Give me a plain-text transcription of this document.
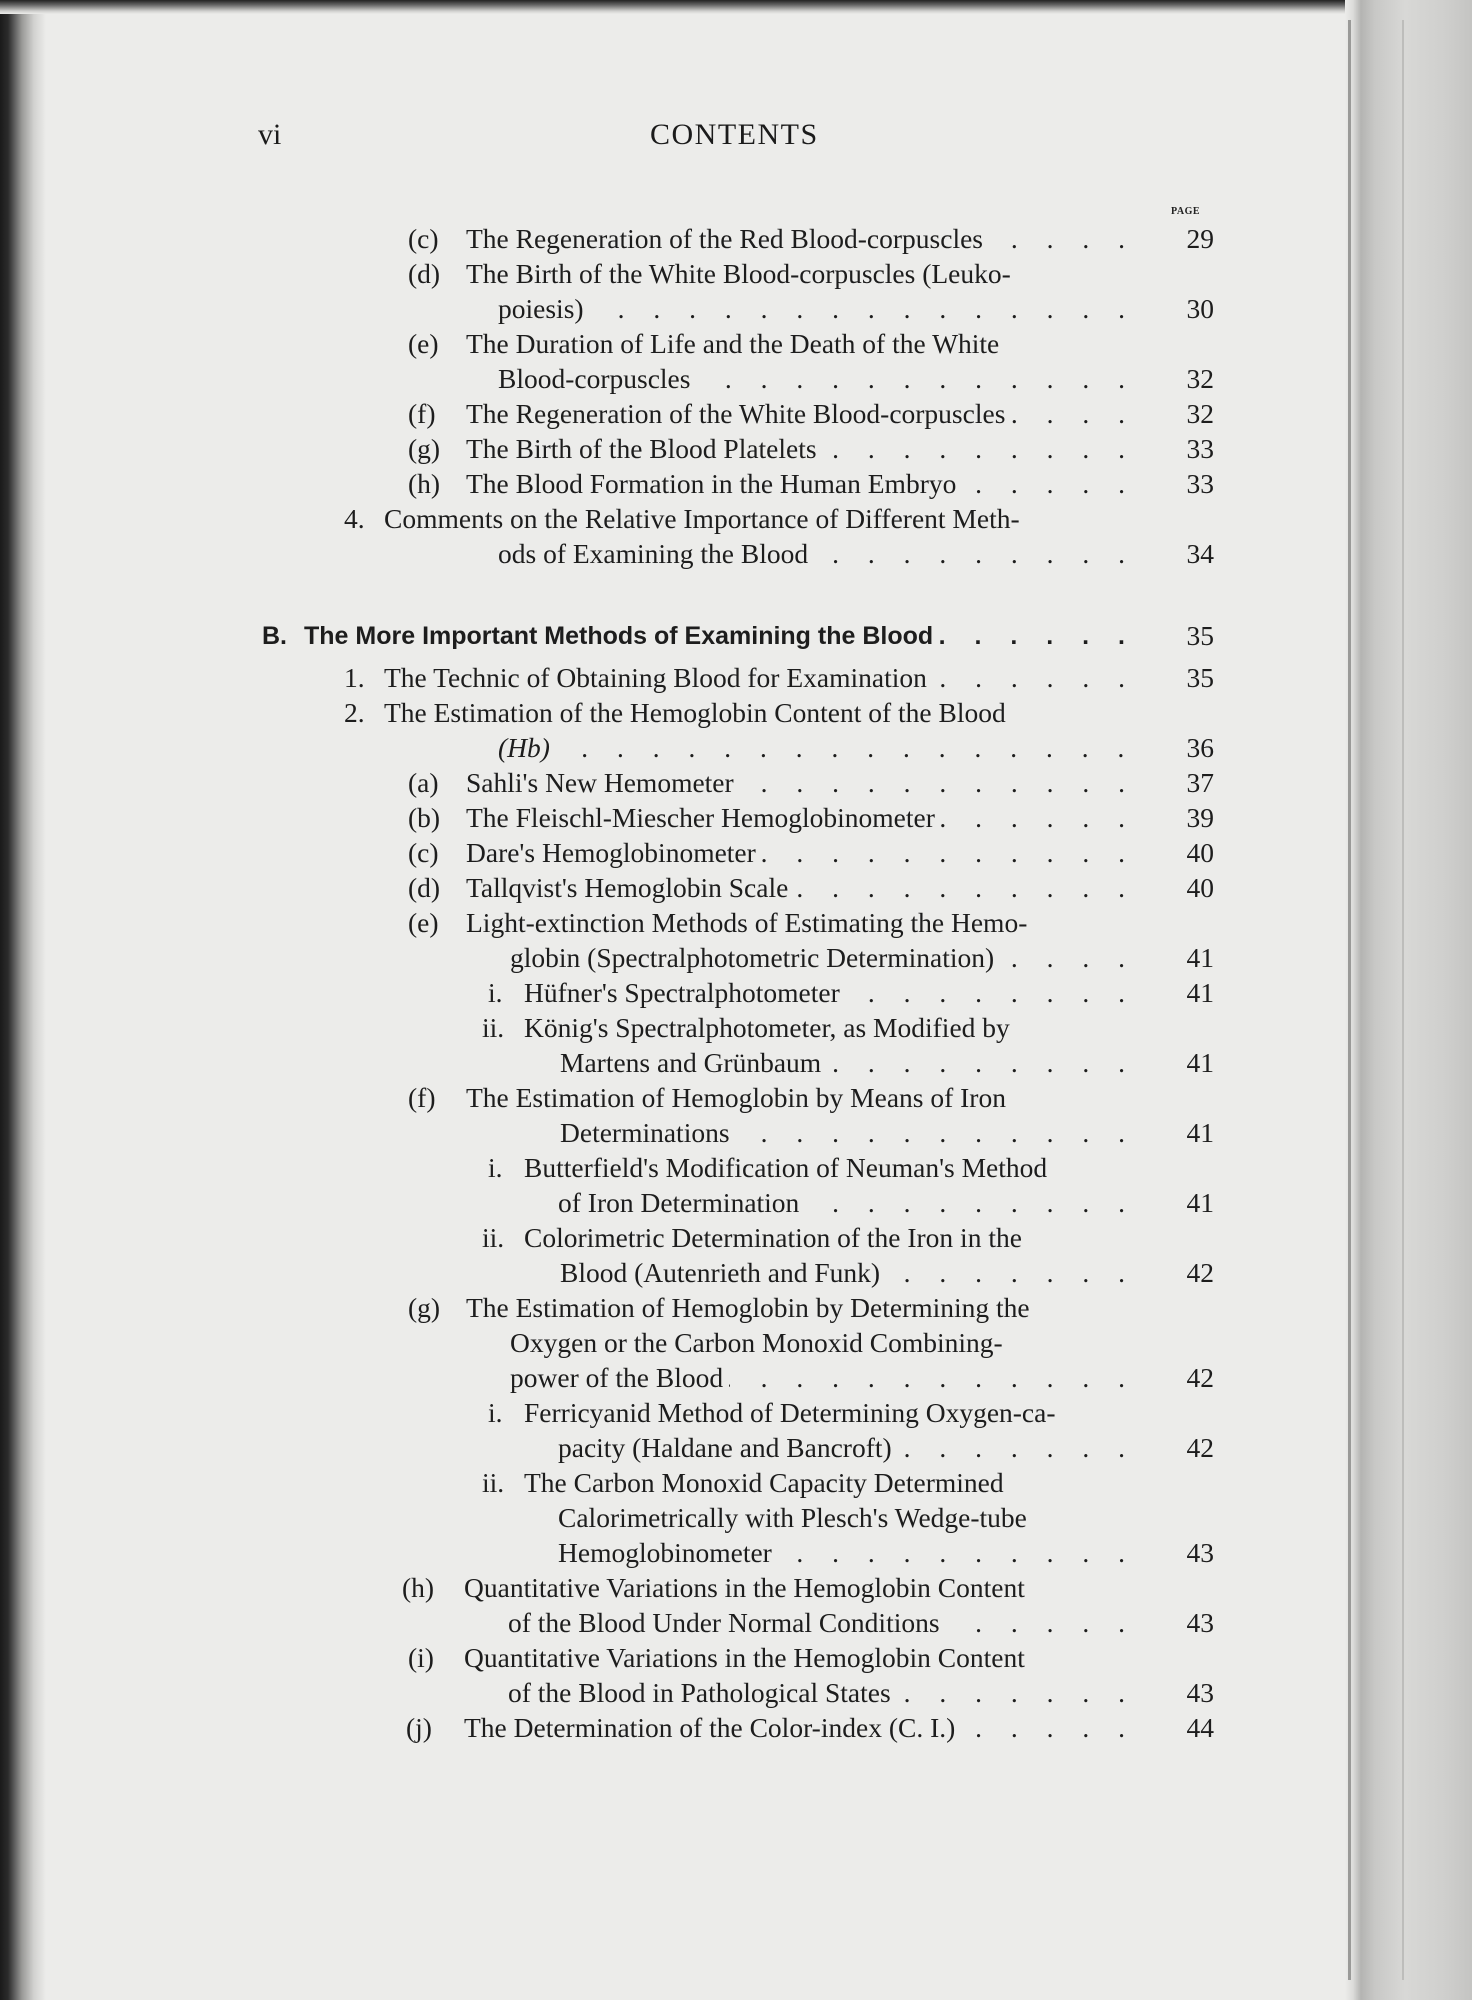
vi	CONTENTS
PAGE
(c) The Regeneration of the Red Blood-corpuscles . . .	29
(d) The Birth of the White Blood-corpuscles (Leuko-
poiesis) . . .	30
(e) The Duration of Life and the Death of the White
Blood-corpuscles . . .	32
(f) The Regeneration of the White Blood-corpuscles . . .	32
(g) The Birth of the Blood Platelets . . .	33
(h) The Blood Formation in the Human Embryo . . .	33
4. Comments on the Relative Importance of Different Meth-
ods of Examining the Blood . . .	34
B. The More Important Methods of Examining the Blood . . .	35
1. The Technic of Obtaining Blood for Examination . . .	35
2. The Estimation of the Hemoglobin Content of the Blood
(Hb) . . .	36
(a) Sahli's New Hemometer . . .	37
(b) The Fleischl-Miescher Hemoglobinometer . . .	39
(c) Dare's Hemoglobinometer . . .	40
(d) Tallqvist's Hemoglobin Scale . . .	40
(e) Light-extinction Methods of Estimating the Hemo-
globin (Spectralphotometric Determination) . . .	41
i. Hüfner's Spectralphotometer . . .	41
ii. König's Spectralphotometer, as Modified by
Martens and Grünbaum . . .	41
(f) The Estimation of Hemoglobin by Means of Iron
Determinations . . .	41
i. Butterfield's Modification of Neuman's Method
of Iron Determination . . .	41
ii. Colorimetric Determination of the Iron in the
Blood (Autenrieth and Funk) . . .	42
(g) The Estimation of Hemoglobin by Determining the
Oxygen or the Carbon Monoxid Combining-
power of the Blood . . .	42
i. Ferricyanid Method of Determining Oxygen-ca-
pacity (Haldane and Bancroft) . . .	42
ii. The Carbon Monoxid Capacity Determined
Calorimetrically with Plesch's Wedge-tube
Hemoglobinometer . . .	43
(h) Quantitative Variations in the Hemoglobin Content
of the Blood Under Normal Conditions . . .	43
(i) Quantitative Variations in the Hemoglobin Content
of the Blood in Pathological States . . .	43
(j) The Determination of the Color-index (C. I.) . . .	44
